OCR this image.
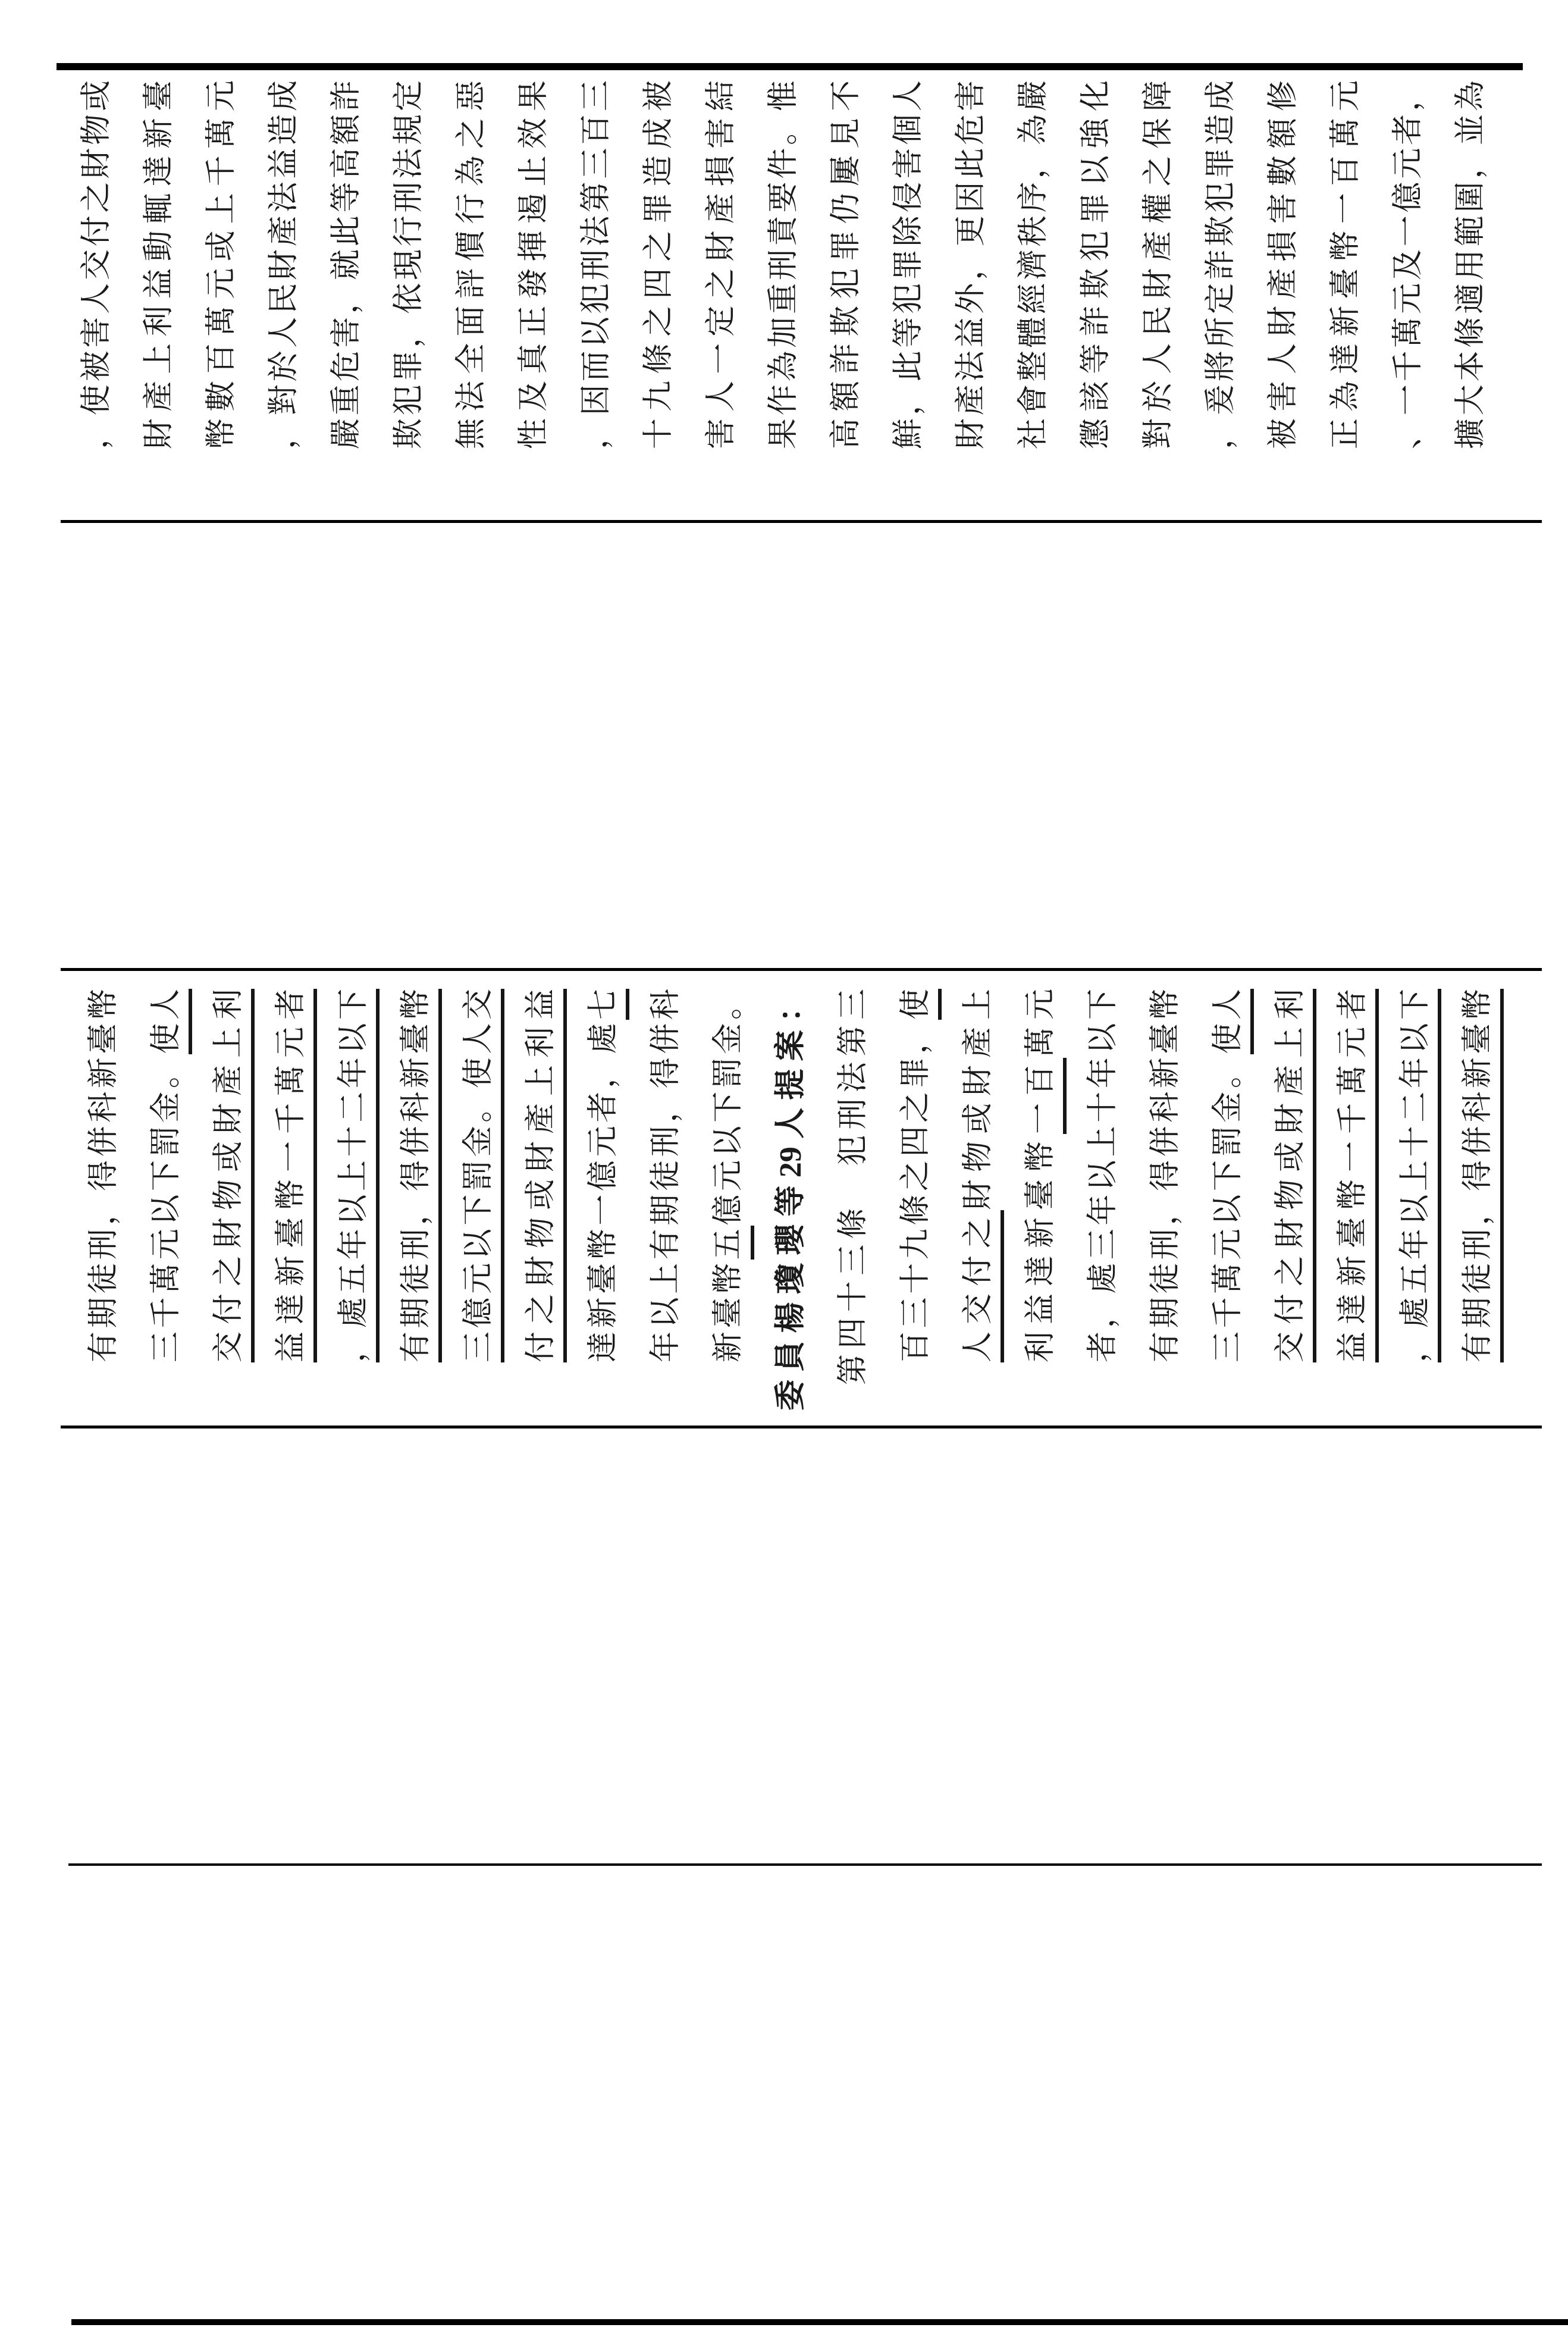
，使被害人交付之財物或 財產上利益動輒達新臺 幣數百萬元或上千萬元 ，對於人民財產法益造成 嚴重危害，就此等高額詐 欺犯罪，依現行刑法規定 無法全面評價行為之惡 性及真正發揮遏止效果 ，因而以犯刑法第三百三 十九條之四之罪造成被 害人一定之財產損害結 果作為加重刑責要件。惟 高額詐欺犯罪仍屢見不 鮮，此等犯罪除侵害個人 財產法益外，更因此危害 社會整體經濟秩序，為嚴 懲該等詐欺犯罪以強化 對於人民財產權之保障 ，爰將所定詐欺犯罪造成 被害人財產損害數額修 正為達新臺幣一百萬元 、一千萬元及一億元者， 擴大本條適用範圍，並為
有期徒刑，得併科新臺幣 三千萬元以下罰金。使人 交付之財物或財產上利 益達新臺幣一千萬元者 ，處五年以上十二年以下 有期徒刑，得併科新臺幣 三億元以下罰金。使人交 付之財物或財產上利益 達新臺幣一億元者，處七 年以上有期徒刑，得併科 新臺幣五億元以下罰金。 委員楊瓊瓔等29人提案： 第四十三條　犯刑法第三 百三十九條之四之罪，使
人交付之財物或財產上
利益達新臺幣一百萬元 者，處三年以上十年以下 有期徒刑，得併科新臺幣 三千萬元以下罰金。使人 交付之財物或財產上利 益達新臺幣一千萬元者 ，處五年以上十二年以下 有期徒刑，得併科新臺幣
